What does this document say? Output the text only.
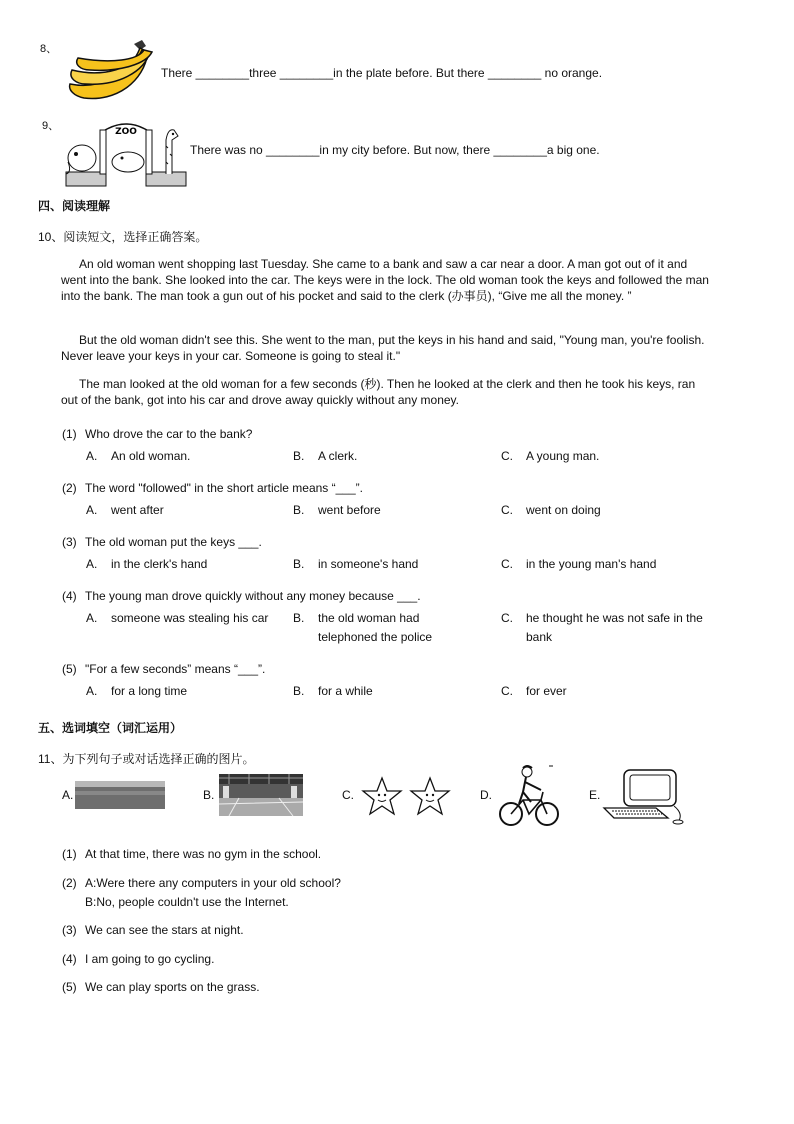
8、
There ________three ________in the plate before. But there ________ no orange.
9、	ZOO
There was no ________in my city before. But now, there ________a big one.
四、阅读理解
10、阅读短文，选择正确答案。
An old woman went shopping last Tuesday. She came to a bank and saw a car near a door. A man got out of it and went into the bank. She looked into the car. The keys were in the lock. The old woman took the keys and followed the man into the bank. The man took a gun out of his pocket and said to the clerk (办事员), “Give me all the money. ”
But the old woman didn't see this. She went to the man, put the keys in his hand and said, "Young man, you're foolish. Never leave your keys in your car. Someone is going to steal it."
The man looked at the old woman for a few seconds (秒). Then he looked at the clerk and then he took his keys, ran out of the bank, got into his car and drove away quickly without any money.
(1) Who drove the car to the bank?
A. An old woman.	B. A clerk.	C. A young man.
(2) The word "followed" in the short article means “___”.
A. went after	B. went before	C. went on doing
(3) The old woman put the keys ___.
A. in the clerk's hand	B. in someone's hand	C. in the young man's hand
(4) The young man drove quickly without any money because ___.
A. someone was stealing his car	B. the old woman had telephoned the police
C. he thought he was not safe in the bank
(5) "For a few seconds” means “___”.
A. for a long time	B. for a while	C. for ever
五、选词填空（词汇运用）
11、为下列句子或对话选择正确的图片。
A.	B.	C.	D.	E.
(1) At that time, there was no gym in the school.
(2) A:Were there any computers in your old school?
B:No, people couldn't use the Internet.
(3) We can see the stars at night.
(4) I am going to go cycling.
(5) We can play sports on the grass.
